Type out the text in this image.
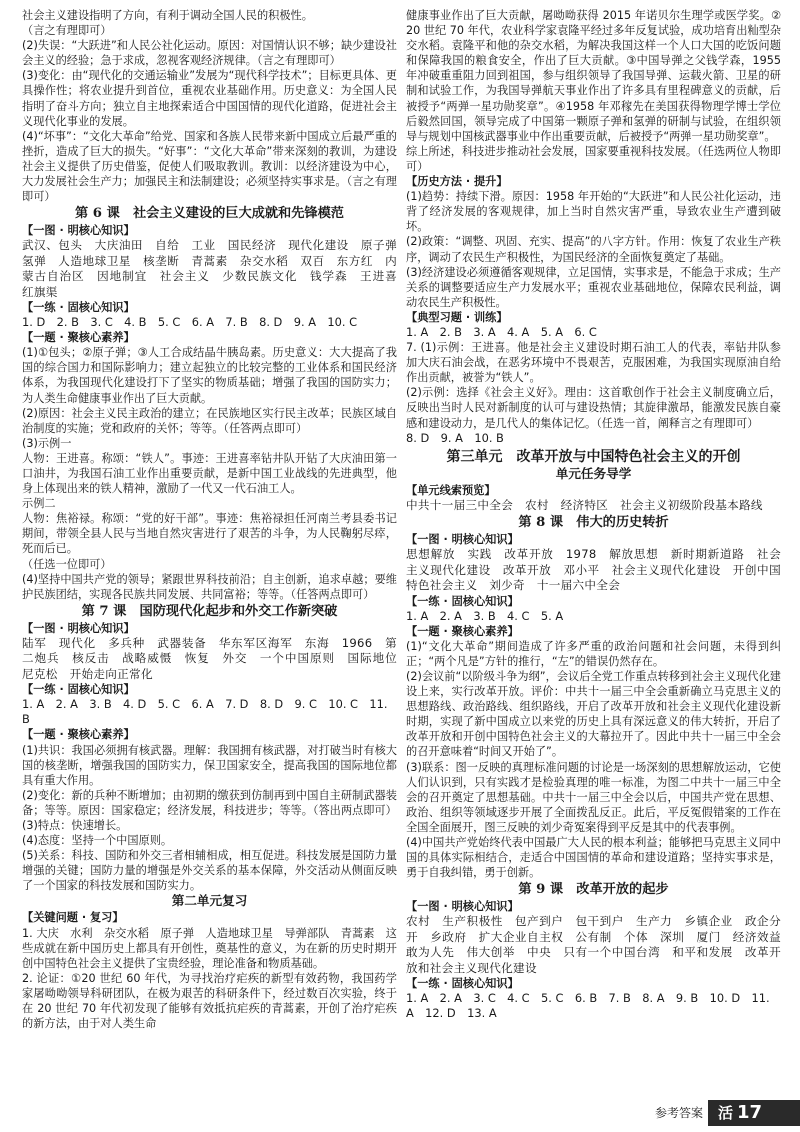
社会主义建设指明了方向，有利于调动全国人民的积极性。
（言之有理即可）
(2)失误：“大跃进”和人民公社化运动。原因：对国情认识不够；缺少建设社会主义的经验；急于求成，忽视客观经济规律。（言之有理即可）
(3)变化：由“现代化的交通运输业”发展为“现代科学技术”；目标更具体、更具操作性；将农业提升到首位，重视农业基础作用。历史意义：为全国人民指明了奋斗方向；独立自主地探索适合中国国情的现代化道路，促进社会主义现代化事业的发展。
(4)“坏事”：“文化大革命”给党、国家和各族人民带来新中国成立后最严重的挫折，造成了巨大的损失。“好事”：“文化大革命”带来深刻的教训，为建设社会主义提供了历史借鉴，促使人们吸取教训。教训：以经济建设为中心，大力发展社会生产力；加强民主和法制建设；必须坚持实事求是。（言之有理即可）
第 6 课　社会主义建设的巨大成就和先锋模范
【一图 · 明核心知识】
武汉、包头　大庆油田　自给　工业　国民经济　现代化建设　原子弹　氢弹　人造地球卫星　核垄断　青蒿素　杂交水稻　双百　东方红　内蒙古自治区　因地制宜　社会主义　少数民族文化　钱学森　王进喜　红旗渠
【一练 · 固核心知识】
1. D　2. B　3. C　4. B　5. C　6. A　7. B　8. D　9. A　10. C
【一题 · 聚核心素养】
(1)①包头；②原子弹；③人工合成结晶牛胰岛素。历史意义：大大提高了我国的综合国力和国际影响力；建立起独立的比较完整的工业体系和国民经济体系，为我国现代化建设打下了坚实的物质基础；增强了我国的国防实力；为人类生命健康事业作出了巨大贡献。
(2)原因：社会主义民主政治的建立；在民族地区实行民主改革；民族区域自治制度的实施；党和政府的关怀；等等。（任答两点即可）
(3)示例一
人物：王进喜。称颂：“铁人”。事迹：王进喜率钻井队开钻了大庆油田第一口油井，为我国石油工业作出重要贡献，是新中国工业战线的先进典型，他身上体现出来的铁人精神，激励了一代又一代石油工人。
示例二
人物：焦裕禄。称颂：“党的好干部”。事迹：焦裕禄担任河南兰考县委书记期间，带领全县人民与当地自然灾害进行了艰苦的斗争，为人民鞠躬尽瘁，死而后已。
（任选一位即可）
(4)坚持中国共产党的领导；紧跟世界科技前沿；自主创新，追求卓越；要维护民族团结，实现各民族共同发展、共同富裕；等等。（任答两点即可）
第 7 课　国防现代化起步和外交工作新突破
【一图 · 明核心知识】
陆军　现代化　多兵种　武器装备　华东军区海军　东海　1966　第二炮兵　核反击　战略威慑　恢复　外交　一个中国原则　国际地位　尼克松　开始走向正常化
【一练 · 固核心知识】
1. A　2. A　3. B　4. D　5. C　6. A　7. D　8. D　9. C　10. C　11. B
【一题 · 聚核心素养】
(1)共识：我国必须拥有核武器。理解：我国拥有核武器，对打破当时有核大国的核垄断，增强我国的国防实力，保卫国家安全，提高我国的国际地位都具有重大作用。
(2)变化：新的兵种不断增加；由初期的缴获到仿制再到中国自主研制武器装备；等等。原因：国家稳定；经济发展，科技进步；等等。（答出两点即可）
(3)特点：快速增长。
(4)态度：坚持一个中国原则。
(5)关系：科技、国防和外交三者相辅相成，相互促进。科技发展是国防力量增强的关键；国防力量的增强是外交关系的基本保障，外交活动从侧面反映了一个国家的科技发展和国防实力。
第二单元复习
【关键问题 · 复习】
1. 大庆　水利　杂交水稻　原子弹　人造地球卫星　导弹部队　青蒿素　这些成就在新中国历史上都具有开创性，奠基性的意义，为在新的历史时期开创中国特色社会主义提供了宝贵经验，理论准备和物质基础。
2. 论证：①20 世纪 60 年代，为寻找治疗疟疾的新型有效药物，我国药学家屠呦呦领导科研团队，在极为艰苦的科研条件下，经过数百次实验，终于在 20 世纪 70 年代初发现了能够有效抵抗疟疾的青蒿素，开创了治疗疟疾的新方法，由于对人类生命
健康事业作出了巨大贡献，屠呦呦获得 2015 年诺贝尔生理学或医学奖。②20 世纪 70 年代，农业科学家袁隆平经过多年反复试验，成功培育出籼型杂交水稻。袁隆平和他的杂交水稻，为解决我国这样一个人口大国的吃饭问题和保障我国的粮食安全，作出了巨大贡献。③中国导弹之父钱学森，1955 年冲破重重阻力回到祖国，参与组织领导了我国导弹、运载火箭、卫星的研制和试验工作，为我国导弹航天事业作出了许多具有里程碑意义的贡献，后被授予“两弹一星功勋奖章”。④1958 年邓稼先在美国获得物理学博士学位后毅然回国，领导完成了中国第一颗原子弹和氢弹的研制与试验，在组织领导与规划中国核武器事业中作出重要贡献，后被授予“两弹一星功勋奖章”。
综上所述，科技进步推动社会发展，国家要重视科技发展。（任选两位人物即可）
【历史方法 · 提升】
(1)趋势：持续下滑。原因：1958 年开始的“大跃进”和人民公社化运动，违背了经济发展的客观规律，加上当时自然灾害严重，导致农业生产遭到破坏。
(2)政策：“调整、巩固、充实、提高”的八字方针。作用：恢复了农业生产秩序，调动了农民生产积极性，为国民经济的全面恢复奠定了基础。
(3)经济建设必须遵循客观规律，立足国情，实事求是，不能急于求成；生产关系的调整要适应生产力发展水平；重视农业基础地位，保障农民利益，调动农民生产积极性。
【典型习题 · 训练】
1. A　2. B　3. A　4. A　5. A　6. C
7. (1)示例：王进喜。他是社会主义建设时期石油工人的代表，率钻井队参加大庆石油会战，在恶劣环境中不畏艰苦，克服困难，为我国实现原油自给作出贡献，被誉为“铁人”。
(2)示例：选择《社会主义好》。理由：这首歌创作于社会主义制度确立后，反映出当时人民对新制度的认可与建设热情；其旋律激昂，能激发民族自豪感和建设动力，是几代人的集体记忆。（任选一首，阐释言之有理即可）
8. D　9. A　10. B
第三单元　改革开放与中国特色社会主义的开创
单元任务导学
【单元线索预览】
中共十一届三中全会　农村　经济特区　社会主义初级阶段基本路线
第 8 课　伟大的历史转折
【一图 · 明核心知识】
思想解放　实践　改革开放　1978　解放思想　新时期新道路　社会主义现代化建设　改革开放　邓小平　社会主义现代化建设　开创中国特色社会主义　刘少奇　十一届六中全会
【一练 · 固核心知识】
1. A　2. A　3. B　4. C　5. A
【一题 · 聚核心素养】
(1)“文化大革命”期间造成了许多严重的政治问题和社会问题，未得到纠正；“两个凡是”方针的推行，“左”的错误仍然存在。
(2)会议前“以阶级斗争为纲”，会议后全党工作重点转移到社会主义现代化建设上来，实行改革开放。评价：中共十一届三中全会重新确立马克思主义的思想路线、政治路线、组织路线，开启了改革开放和社会主义现代化建设新时期，实现了新中国成立以来党的历史上具有深远意义的伟大转折，开启了改革开放和开创中国特色社会主义的大幕拉开了。因此中共十一届三中全会的召开意味着“时间又开始了”。
(3)联系：图一反映的真理标准问题的讨论是一场深刻的思想解放运动，它使人们认识到，只有实践才是检验真理的唯一标准，为图二中共十一届三中全会的召开奠定了思想基础。中共十一届三中全会以后，中国共产党在思想、政治、组织等领域逐步开展了全面拨乱反正。此后，平反冤假错案的工作在全国全面展开，图三反映的刘少奇冤案得到平反是其中的代表事例。
(4)中国共产党始终代表中国最广大人民的根本利益；能够把马克思主义同中国的具体实际相结合，走适合中国国情的革命和建设道路；坚持实事求是，勇于自我纠错，勇于创新。
第 9 课　改革开放的起步
【一图 · 明核心知识】
农村　生产积极性　包产到户　包干到户　生产力　乡镇企业　政企分开　乡政府　扩大企业自主权　公有制　个体　深圳　厦门　经济效益　敢为人先　伟大创举　中央　只有一个中国台湾　和平和发展　改革开放和社会主义现代化建设
【一练 · 固核心知识】
1. A　2. A　3. C　4. C　5. C　6. B　7. B　8. A　9. B　10. D　11. A　12. D　13. A
参考答案 活 17
